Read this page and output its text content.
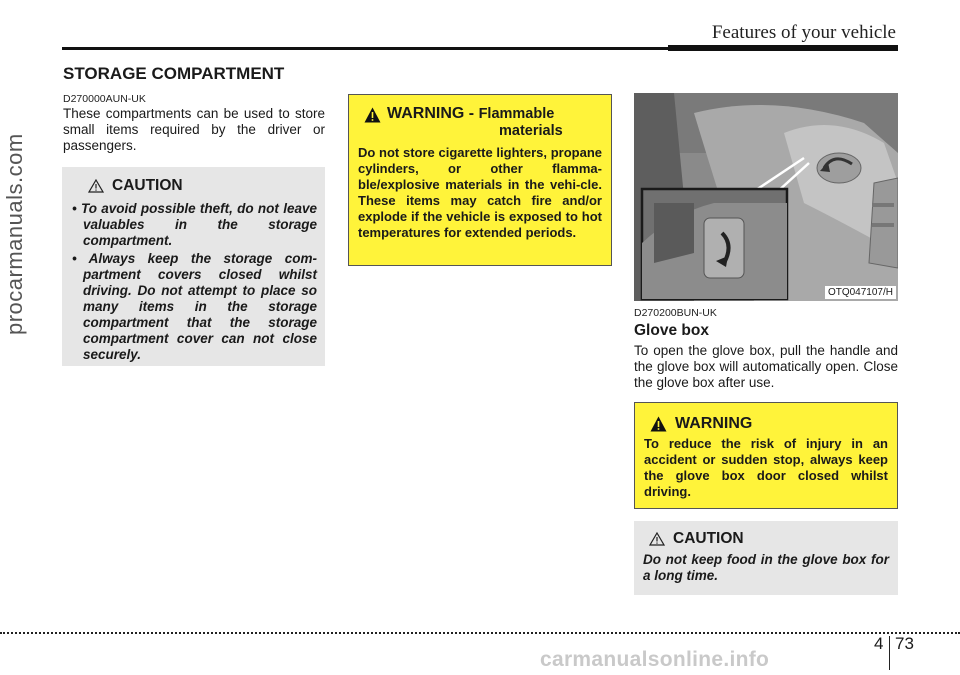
Features of your vehicle
procarmanuals.com
STORAGE COMPARTMENT
D270000AUN-UK
These compartments can be used to store small items required by the driver or passengers.
CAUTION
• To avoid possible theft, do not leave valuables in the storage compartment.
• Always keep the storage com-partment covers closed whilst driving. Do not attempt to place so many items in the storage compartment that the storage compartment cover can not close securely.
WARNING - Flammable
materials
Do not store cigarette lighters, propane cylinders, or other flamma-ble/explosive materials in the vehi-cle. These items may catch fire and/or explode if the vehicle is exposed to hot temperatures for extended periods.
OTQ047107/H
D270200BUN-UK
Glove box
To open the glove box, pull the handle and the glove box will automatically open. Close the glove box after use.
WARNING
To reduce the risk of injury in an accident or sudden stop, always keep the glove box door closed whilst driving.
CAUTION
Do not keep food in the glove box for a long time.
4 73
carmanualsonline.info
